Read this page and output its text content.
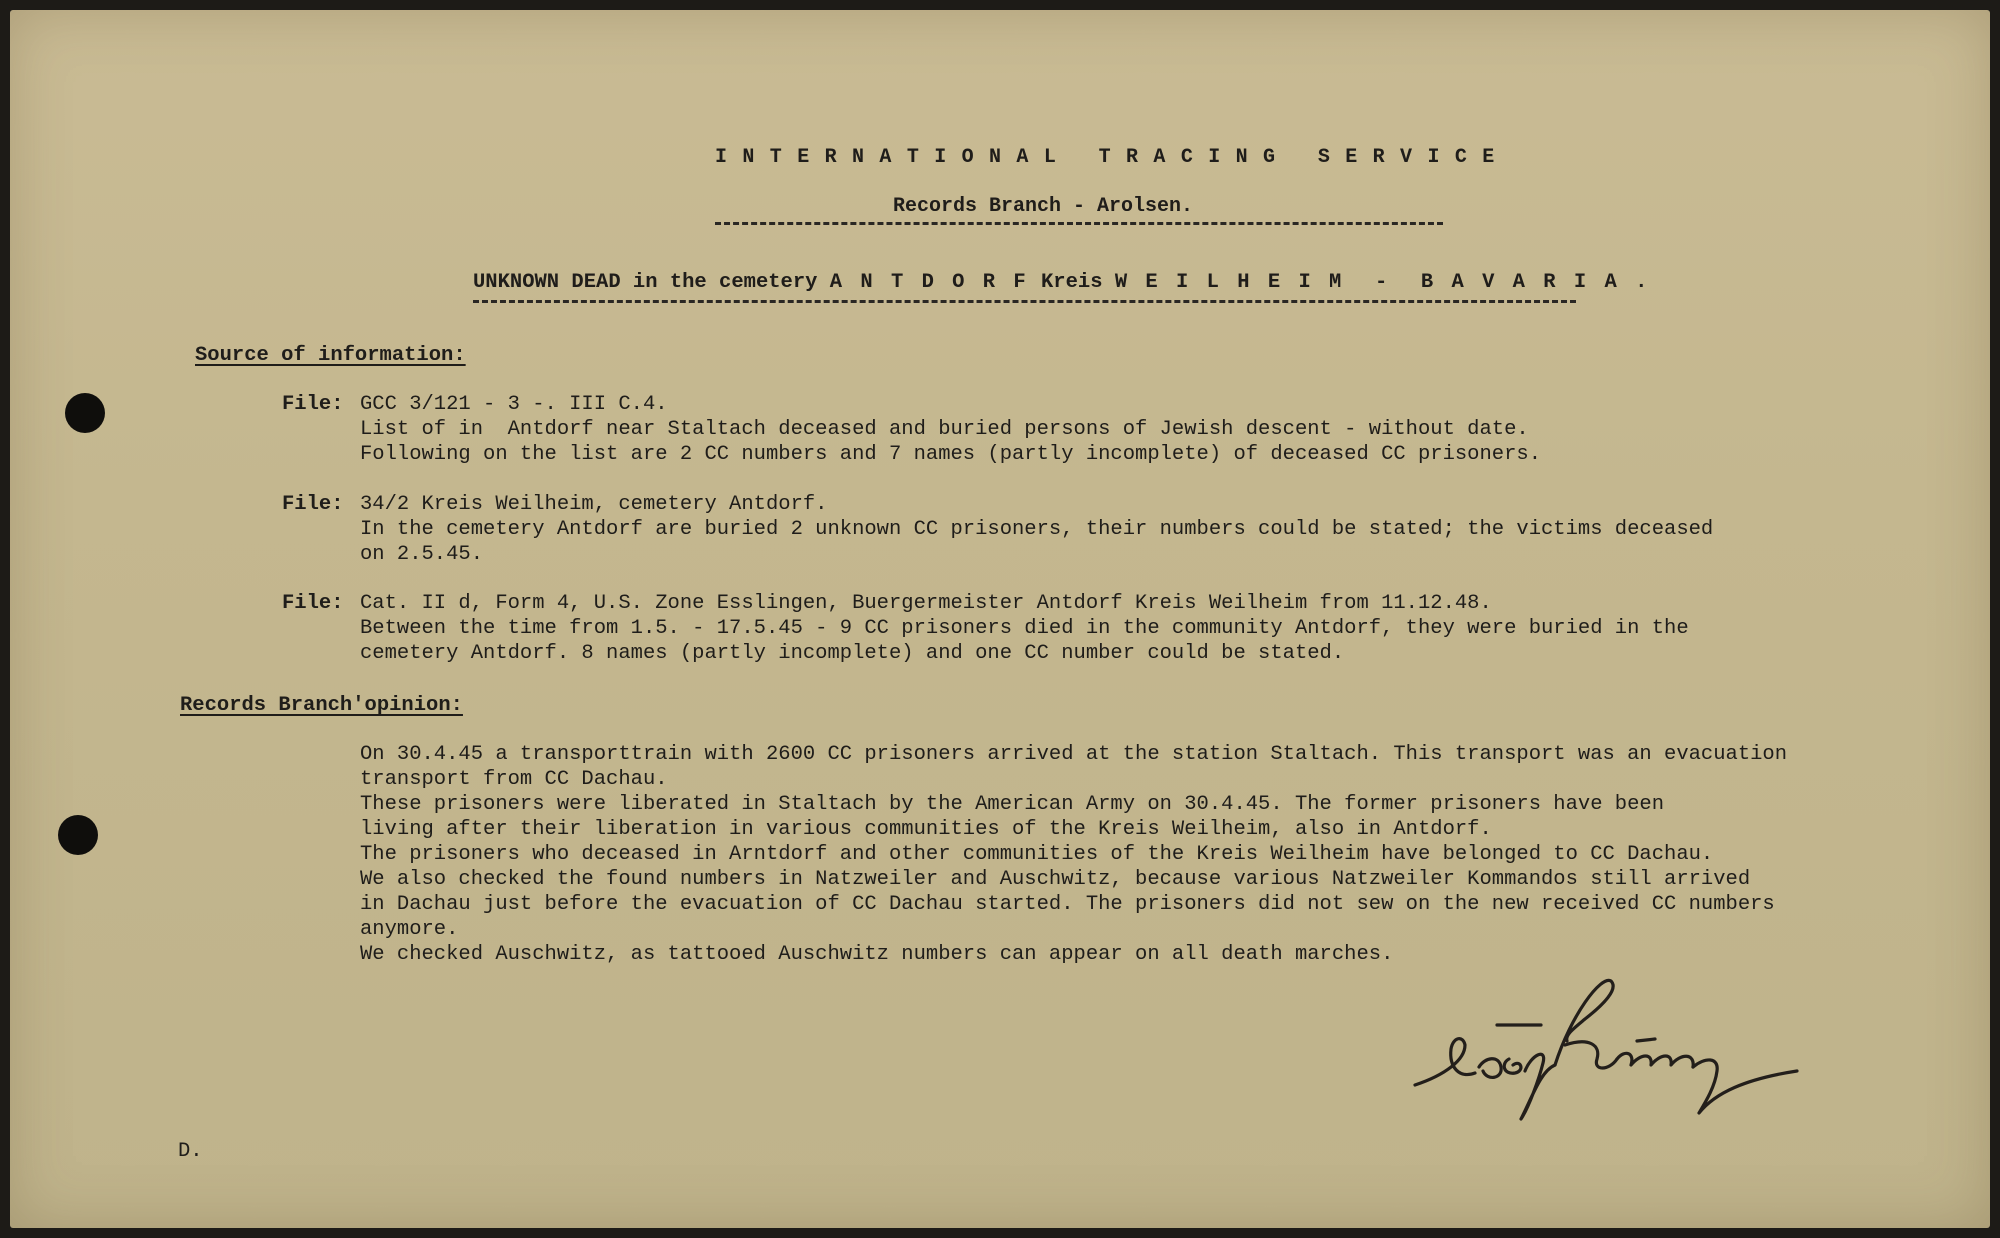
INTERNATIONAL TRACING SERVICE
Records Branch - Arolsen.
UNKNOWN DEAD in the cemetery A N T D O R F Kreis W E I L H E I M  -  B A V A R I A .
Source of information:
File: GCC 3/121 - 3 -. III C.4.
List of in  Antdorf near Staltach deceased and buried persons of Jewish descent - without date.
Following on the list are 2 CC numbers and 7 names (partly incomplete) of deceased CC prisoners.
File: 34/2 Kreis Weilheim, cemetery Antdorf.
In the cemetery Antdorf are buried 2 unknown CC prisoners, their numbers could be stated; the victims deceased
on 2.5.45.
File: Cat. II d, Form 4, U.S. Zone Esslingen, Buergermeister Antdorf Kreis Weilheim from 11.12.48.
Between the time from 1.5. - 17.5.45 - 9 CC prisoners died in the community Antdorf, they were buried in the
cemetery Antdorf. 8 names (partly incomplete) and one CC number could be stated.
Records Branch'opinion:
On 30.4.45 a transporttrain with 2600 CC prisoners arrived at the station Staltach. This transport was an evacuation
transport from CC Dachau.
These prisoners were liberated in Staltach by the American Army on 30.4.45. The former prisoners have been
living after their liberation in various communities of the Kreis Weilheim, also in Antdorf.
The prisoners who deceased in Arntdorf and other communities of the Kreis Weilheim have belonged to CC Dachau.
We also checked the found numbers in Natzweiler and Auschwitz, because various Natzweiler Kommandos still arrived
in Dachau just before the evacuation of CC Dachau started. The prisoners did not sew on the new received CC numbers
anymore.
We checked Auschwitz, as tattooed Auschwitz numbers can appear on all death marches.
D.
